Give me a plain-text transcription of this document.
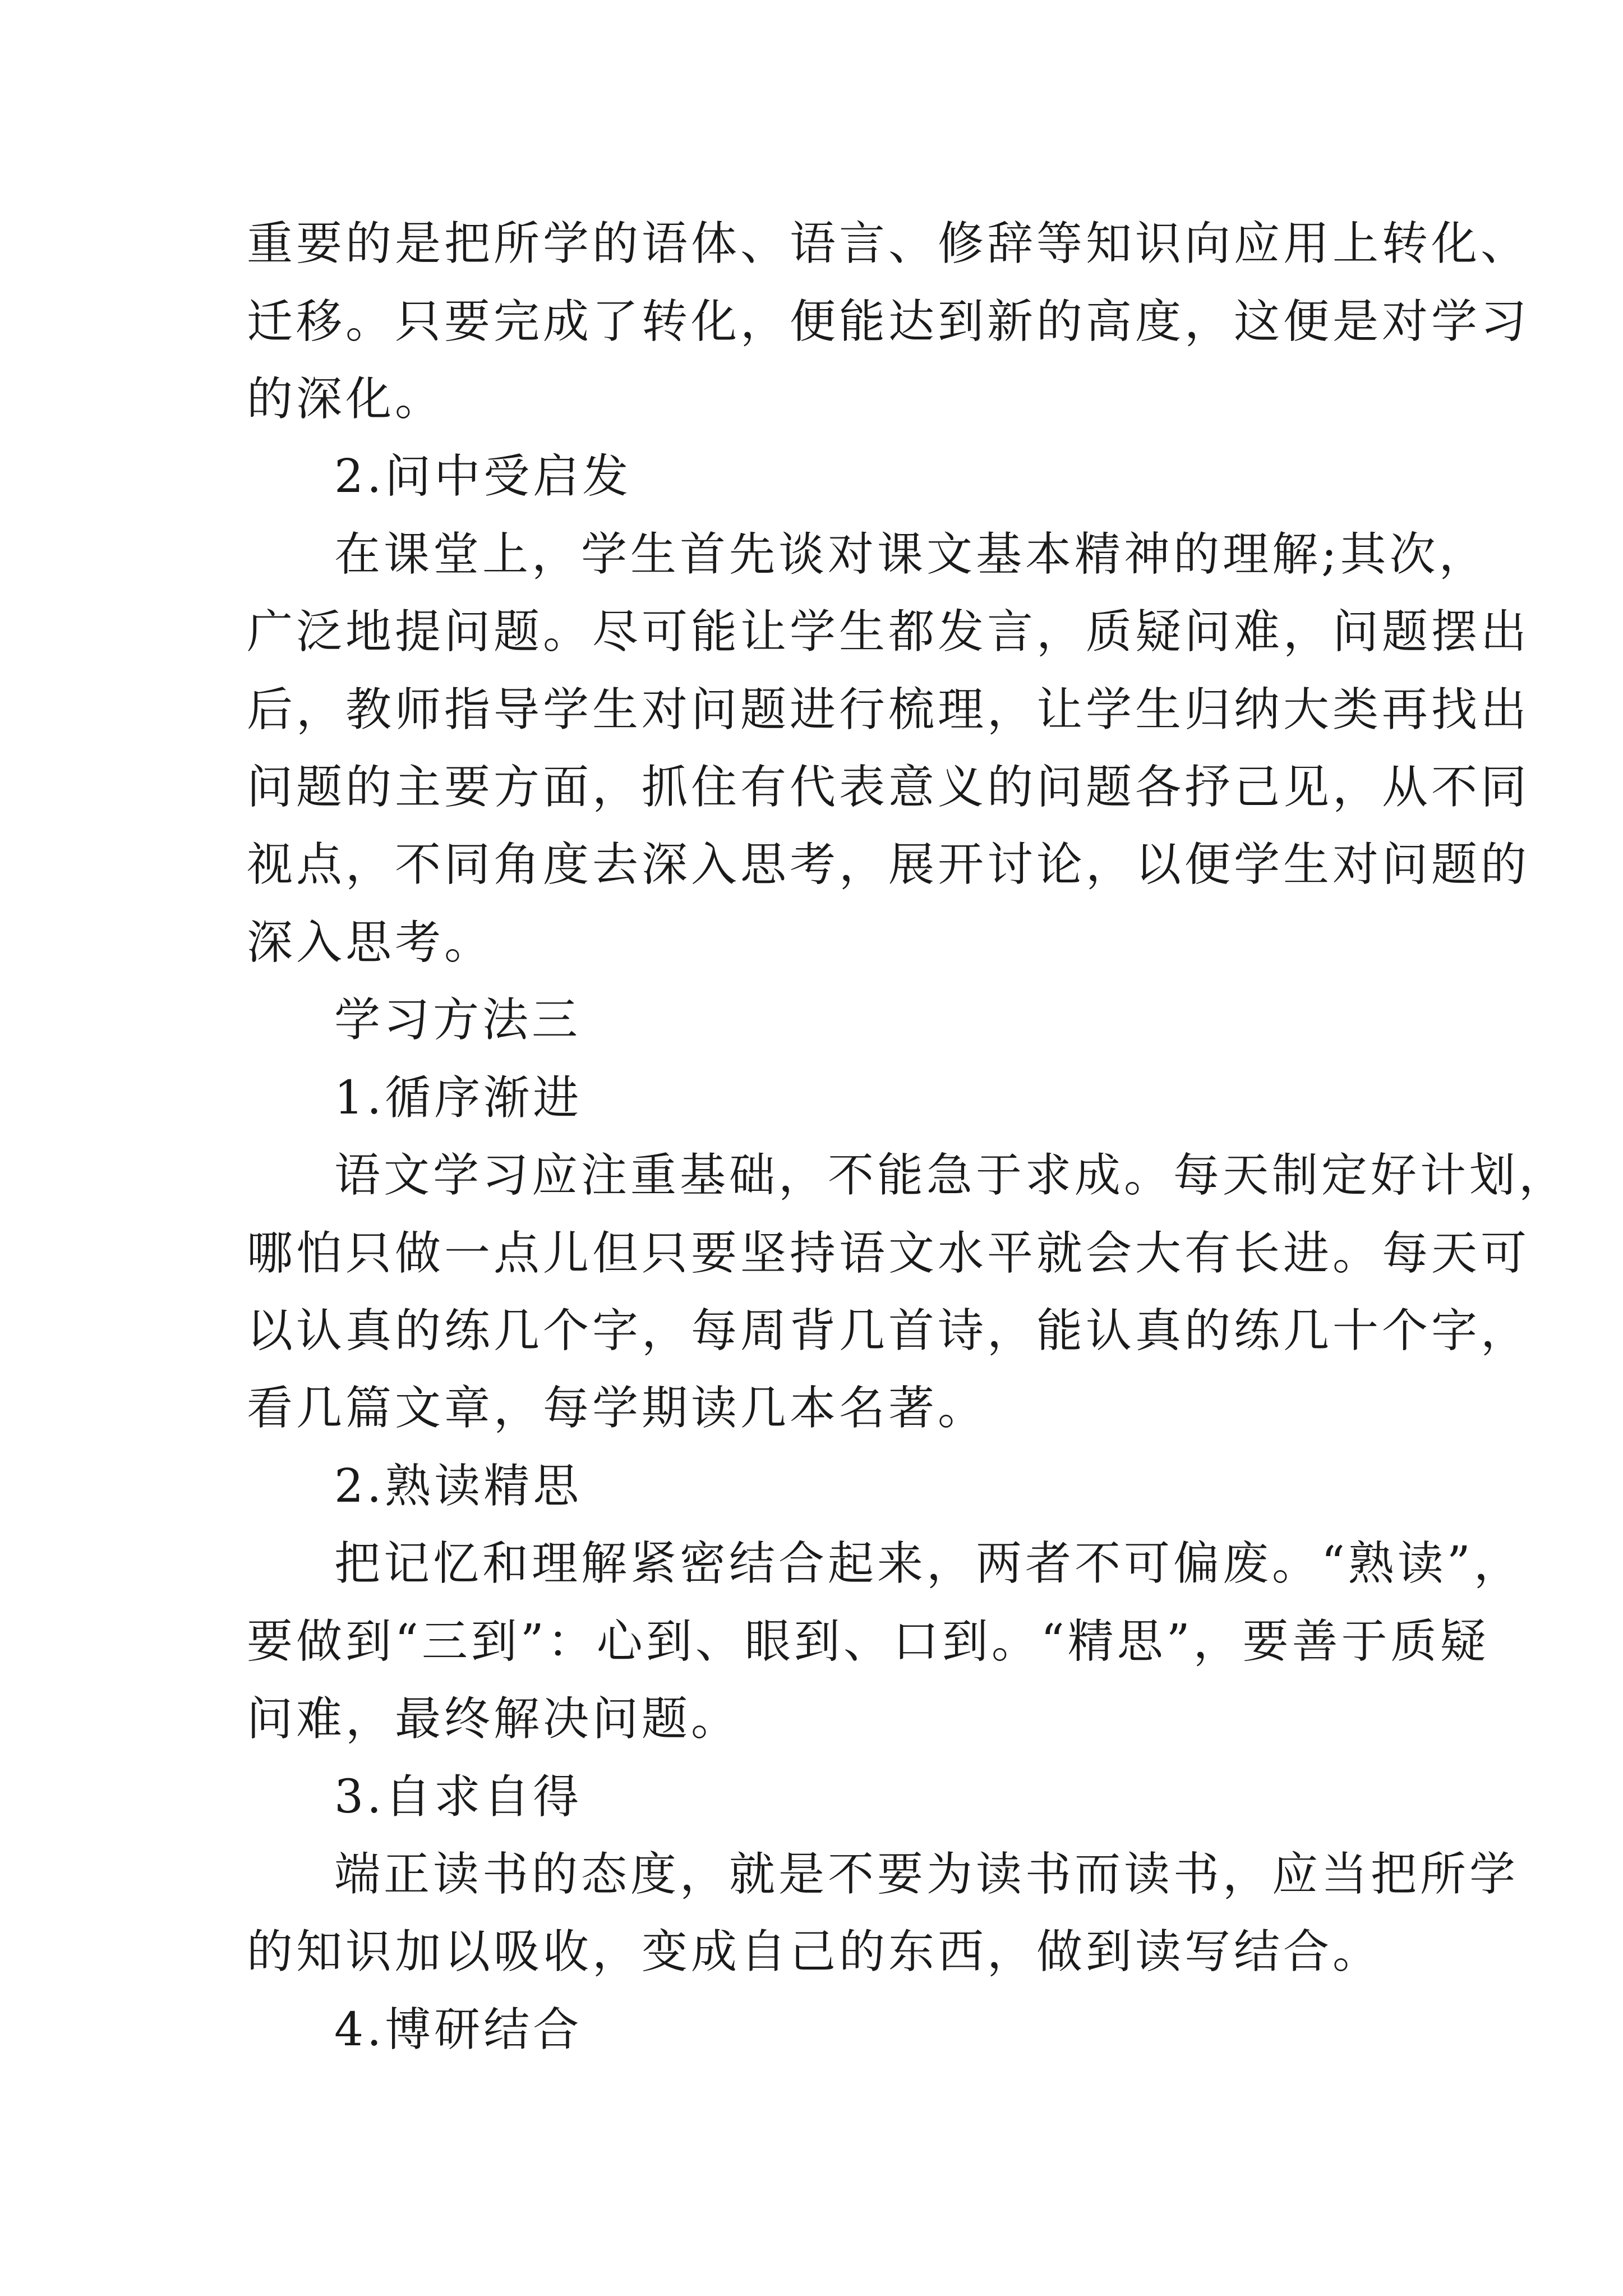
重要的是把所学的语体、语言、修辞等知识向应用上转化、
迁移。只要完成了转化，便能达到新的高度，这便是对学习
的深化。
2.问中受启发
在课堂上，学生首先谈对课文基本精神的理解;其次，
广泛地提问题。尽可能让学生都发言，质疑问难，问题摆出
后，教师指导学生对问题进行梳理，让学生归纳大类再找出
问题的主要方面，抓住有代表意义的问题各抒己见，从不同
视点，不同角度去深入思考，展开讨论，以便学生对问题的
深入思考。
学习方法三
1.循序渐进
语文学习应注重基础，不能急于求成。每天制定好计划，
哪怕只做一点儿但只要坚持语文水平就会大有长进。每天可
以认真的练几个字，每周背几首诗，能认真的练几十个字，
看几篇文章，每学期读几本名著。
2.熟读精思
把记忆和理解紧密结合起来，两者不可偏废。“熟读”，
要做到“三到”：心到、眼到、口到。“精思”，要善于质疑
问难，最终解决问题。
3.自求自得
端正读书的态度，就是不要为读书而读书，应当把所学
的知识加以吸收，变成自己的东西，做到读写结合。
4.博研结合
